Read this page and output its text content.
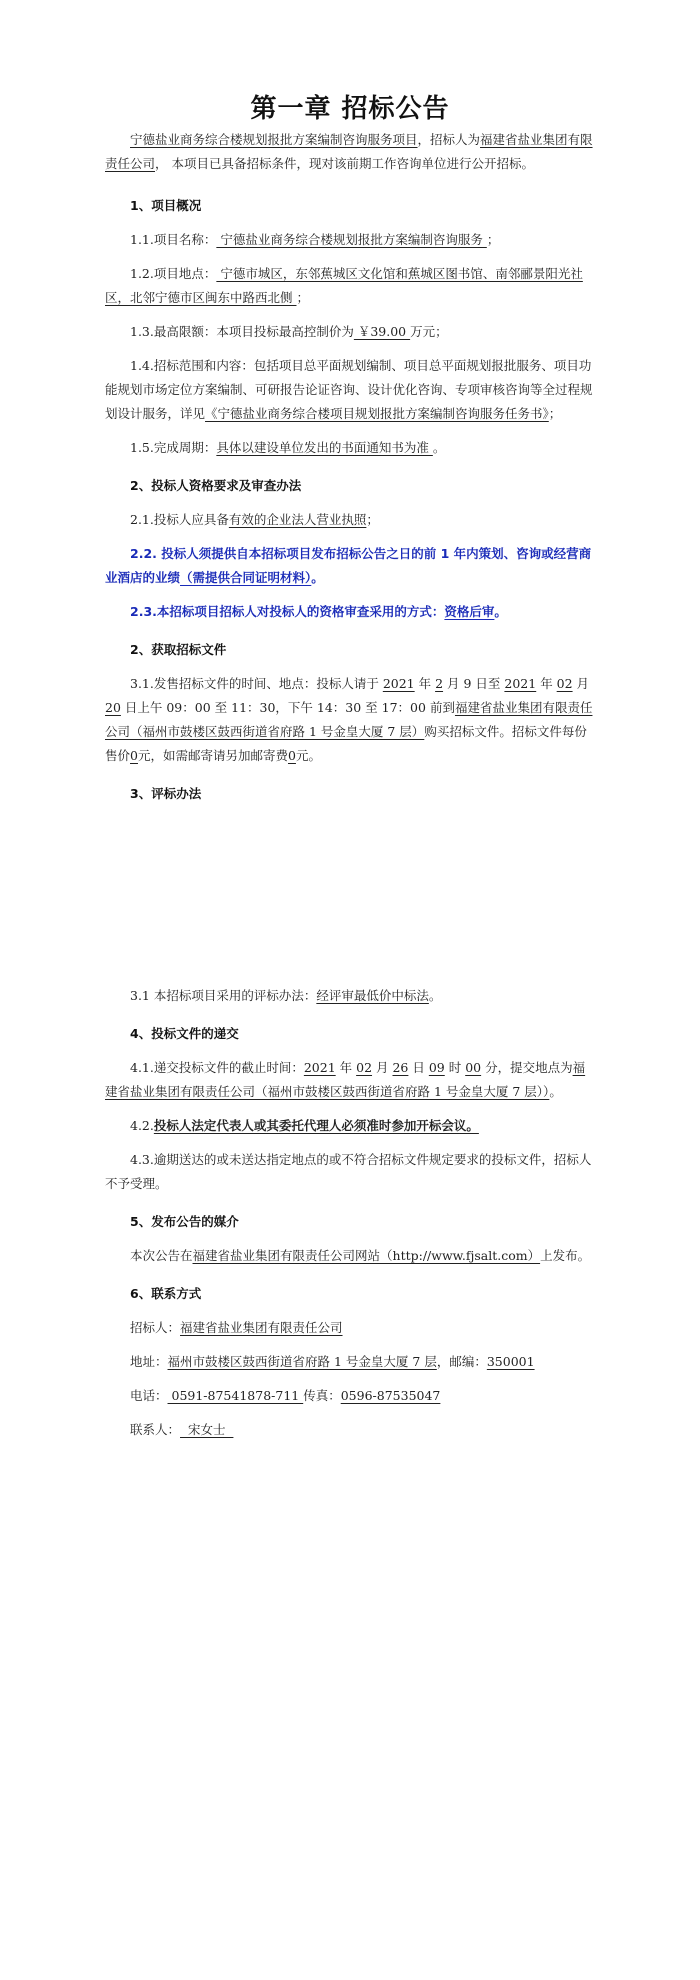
第一章 招标公告

宁德盐业商务综合楼规划报批方案编制咨询服务项目，招标人为福建省盐业集团有限责任公司， 本项目已具备招标条件，现对该前期工作咨询单位进行公开招标。

1、项目概况

1.1.项目名称： 宁德盐业商务综合楼规划报批方案编制咨询服务 ；

1.2.项目地点： 宁德市城区，东邻蕉城区文化馆和蕉城区图书馆、南邻郦景阳光社区，北邻宁德市区闽东中路西北侧 ；

1.3.最高限额：本项目投标最高控制价为 ￥39.00 万元；

1.4.招标范围和内容：包括项目总平面规划编制、项目总平面规划报批服务、项目功能规划市场定位方案编制、可研报告论证咨询、设计优化咨询、专项审核咨询等全过程规划设计服务，详见《宁德盐业商务综合楼项目规划报批方案编制咨询服务任务书》；

1.5.完成周期：具体以建设单位发出的书面通知书为准 。

2、投标人资格要求及审查办法

2.1.投标人应具备有效的企业法人营业执照；

2.2. 投标人须提供自本招标项目发布招标公告之日的前 1 年内策划、咨询或经营商业酒店的业绩（需提供合同证明材料）。

2.3.本招标项目招标人对投标人的资格审查采用的方式：资格后审。

2、获取招标文件

3.1.发售招标文件的时间、地点：投标人请于 2021 年 2 月 9 日至 2021 年 02 月 20 日上午 09：00 至 11：30，下午 14：30 至 17：00 前到福建省盐业集团有限责任公司（福州市鼓楼区鼓西街道省府路 1 号金皇大厦 7 层）购买招标文件。招标文件每份售价0元，如需邮寄请另加邮寄费0元。

3、评标办法

3.1 本招标项目采用的评标办法：经评审最低价中标法。

4、投标文件的递交

4.1.递交投标文件的截止时间：2021 年 02 月 26 日 09 时 00 分，提交地点为福建省盐业集团有限责任公司（福州市鼓楼区鼓西街道省府路 1 号金皇大厦 7 层））。

4.2.投标人法定代表人或其委托代理人必须准时参加开标会议。

4.3.逾期送达的或未送达指定地点的或不符合招标文件规定要求的投标文件，招标人不予受理。

5、发布公告的媒介

本次公告在福建省盐业集团有限责任公司网站（http://www.fjsalt.com）上发布。

6、联系方式

招标人：福建省盐业集团有限责任公司

地址：福州市鼓楼区鼓西街道省府路 1 号金皇大厦 7 层，邮编：350001

电话： 0591-87541878-711 传真：0596-87535047

联系人：  宋女士
